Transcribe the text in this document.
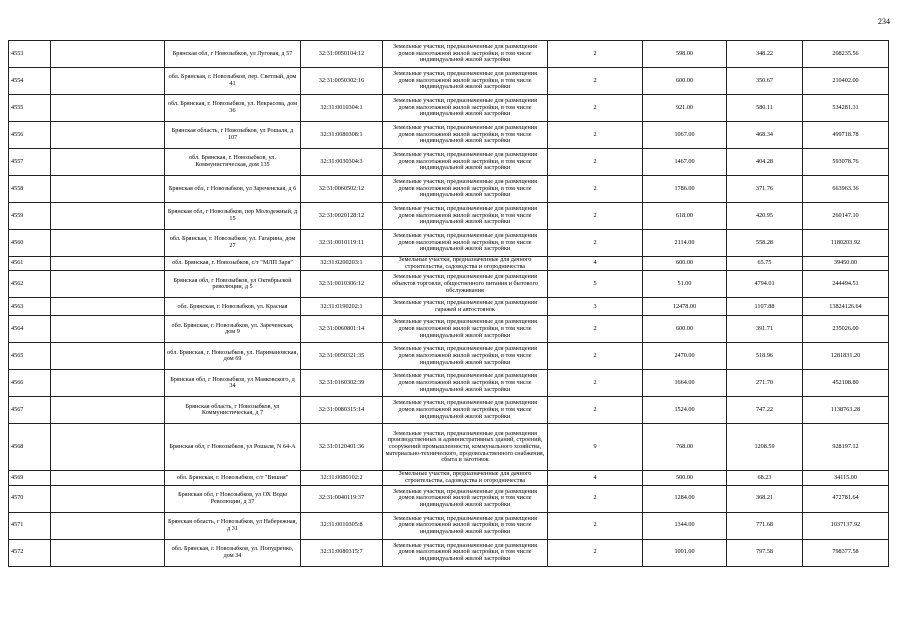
234
4553		Брянская обл, г Новозыбков, ул Луговая, д 57	32:31:0050104:12	Земельные участки, предназначенные для размещения домов малоэтажной жилой застройки, в том числе индивидуальной жилой застройки	2	598.00	348.22	208235.56
4554		обл. Брянская, г. Новозыбков, пер. Светлый, дом 41	32:31:0050302:16	Земельные участки, предназначенные для размещения домов малоэтажной жилой застройки, в том числе индивидуальной жилой застройки	2	600.00	350.67	210402.00
4555		обл. Брянская, г. Новозыбков, ул. Некрасова, дом 36	32:31:0010304:1	Земельные участки, предназначенные для размещения домов малоэтажной жилой застройки, в том числе индивидуальной жилой застройки	2	921.00	580.11	534281.31
4556		Брянская область, г Новозыбков, ул Рошаля, д 107	32:31:0080308:1	Земельные участки, предназначенные для размещения домов малоэтажной жилой застройки, в том числе индивидуальной жилой застройки	2	1067.00	468.34	499718.78
4557		обл. Брянская, г. Новозыбков, ул. Коммунистическая, дом 135	32:31:0030304:3	Земельные участки, предназначенные для размещения домов малоэтажной жилой застройки, в том числе индивидуальной жилой застройки	2	1467.00	404.28	593078.76
4558		Брянская обл, г Новозыбков, ул Зареченская, д 6	32:31:0060502:12	Земельные участки, предназначенные для размещения домов малоэтажной жилой застройки, в том числе индивидуальной жилой застройки	2	1786.00	371.76	663963.36
4559		Брянская обл, г Новозыбков, пер Молодежный, д 15	32:31:0020128:12	Земельные участки, предназначенные для размещения домов малоэтажной жилой застройки, в том числе индивидуальной жилой застройки	2	618.00	420.95	260147.10
4560		обл. Брянская, г. Новозыбков, ул. Гагарина, дом 27	32:31:0010119:11	Земельные участки, предназначенные для размещения домов малоэтажной жилой застройки, в том числе индивидуальной жилой застройки	2	2114.00	558.28	1180203.92
4561		обл. Брянская, г. Новозыбков, с/т "МЛП Заря"	32:31:0200203:1	Земельные участки, предназначенные для дачного строительства, садоводства и огородничества	4	600.00	65.75	39450.00
4562		Брянская обл, г Новозыбков, ул Октябрьской революции, д 5	32:31:0010306:12	Земельные участки, предназначенные для размещения объектов торговли, общественного питания и бытового обслуживания	5	51.00	4794.01	244494.51
4563		обл. Брянская, г. Новозыбков, ул. Красная	32:31:0190202:1	Земельные участки, предназначенные для размещения гаражей и автостоянок	3	12478.00	1107.88	13824126.64
4564		обл. Брянская, г. Новозыбков, ул. Зареченская, дом 9	32:31:0060801:14	Земельные участки, предназначенные для размещения домов малоэтажной жилой застройки, в том числе индивидуальной жилой застройки	2	600.00	391.71	235026.00
4565		обл. Брянская, г. Новозыбков, ул. Наримановская, дом 69	32:31:0050321:35	Земельные участки, предназначенные для размещения домов малоэтажной жилой застройки, в том числе индивидуальной жилой застройки	2	2470.00	518.96	1281831.20
4566		Брянская обл, г Новозыбков, ул Маяковского, д 34	32:31:0160302:39	Земельные участки, предназначенные для размещения домов малоэтажной жилой застройки, в том числе индивидуальной жилой застройки	2	1664.00	271.70	452108.80
4567		Брянская область, г Новозыбков, ул Коммунистическая, д 7	32:31:0080315:14	Земельные участки, предназначенные для размещения домов малоэтажной жилой застройки, в том числе индивидуальной жилой застройки	2	1524.00	747.22	1138763.28
4568		Брянская обл, г Новозыбков, ул Рошаля, N 64-А	32:31:0120401:36	Земельные участки, предназначенные для размещения производственных и административных зданий, строений, сооружений промышленности, коммунального хозяйства, материально-технического, продовольственного снабжения, сбыта и заготовок	9	768.00	1208.59	928197.12
4569		обл. Брянская, г. Новозыбков, с/т "Вишня"	32:31:0080102:2	Земельные участки, предназначенные для дачного строительства, садоводства и огородничества	4	500.00	68.23	34115.00
4570		Брянская обл, г Новозыбков, ул ОХ Воды Революции, д 37	32:31:0040119:37	Земельные участки, предназначенные для размещения домов малоэтажной жилой застройки, в том числе индивидуальной жилой застройки	2	1284.00	368.21	472781.64
4571		Брянская область, г Новозыбков, ул Набережная, д 31	32:31:0010305:8	Земельные участки, предназначенные для размещения домов малоэтажной жилой застройки, в том числе индивидуальной жилой застройки	2	1344.00	771.68	1037137.92
4572		обл. Брянская, г. Новозыбков, ул. Попудренко, дом 34	32:31:0080315:7	Земельные участки, предназначенные для размещения домов малоэтажной жилой застройки, в том числе индивидуальной жилой застройки	2	1001.00	797.58	798377.58
